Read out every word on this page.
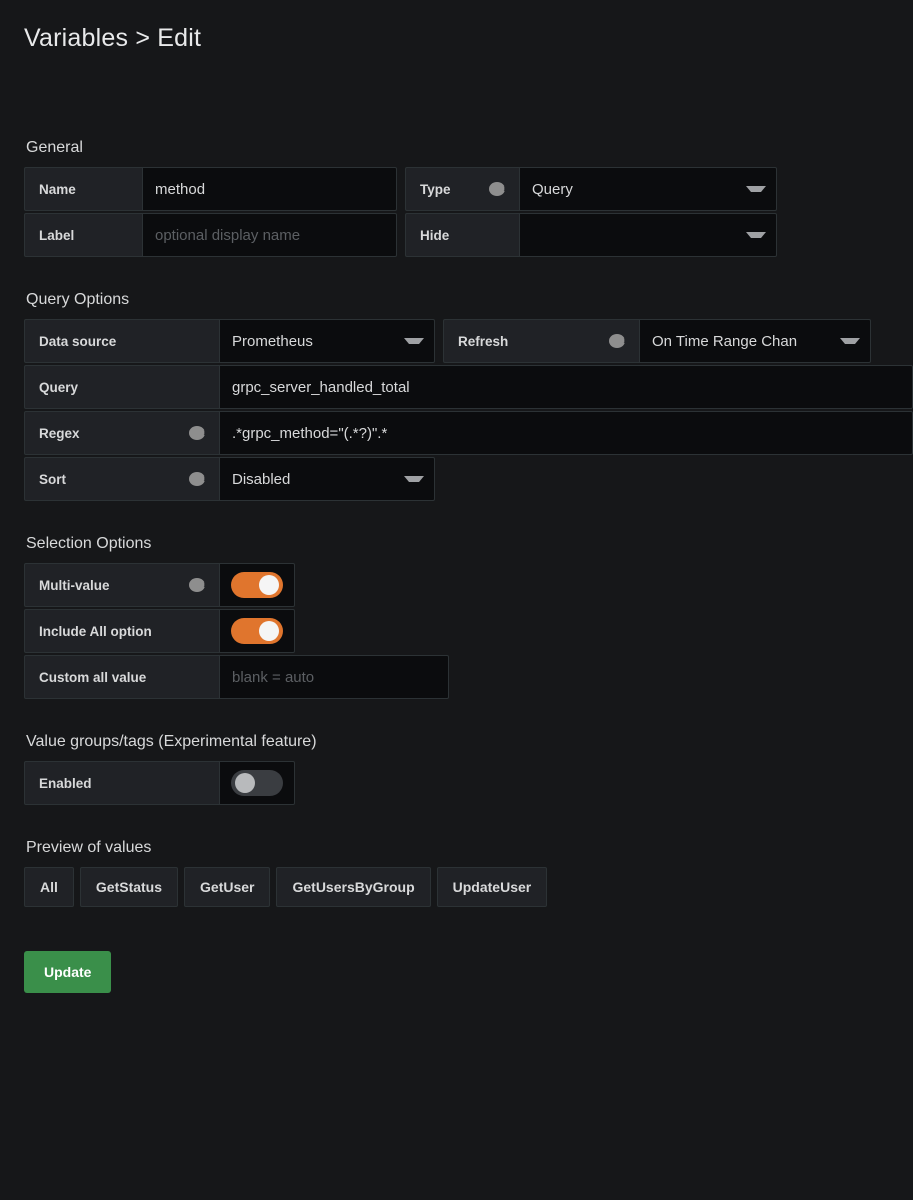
Variables > Edit
General
Name	method	Type	i Query
Label	optional display name	Hide
Query Options
Data source	Prometheus	Refresh	i On Time Range Chan
Query	grpc_server_handled_total
Regex	i	.*grpc_method="(.*?)".*
Sort	i Disabled
Selection Options
Multi-value	i
Include All option
Custom all value	blank = auto
Value groups/tags (Experimental feature)
Enabled
Preview of values
All	GetStatus	GetUser	GetUsersByGroup	UpdateUser
Update
